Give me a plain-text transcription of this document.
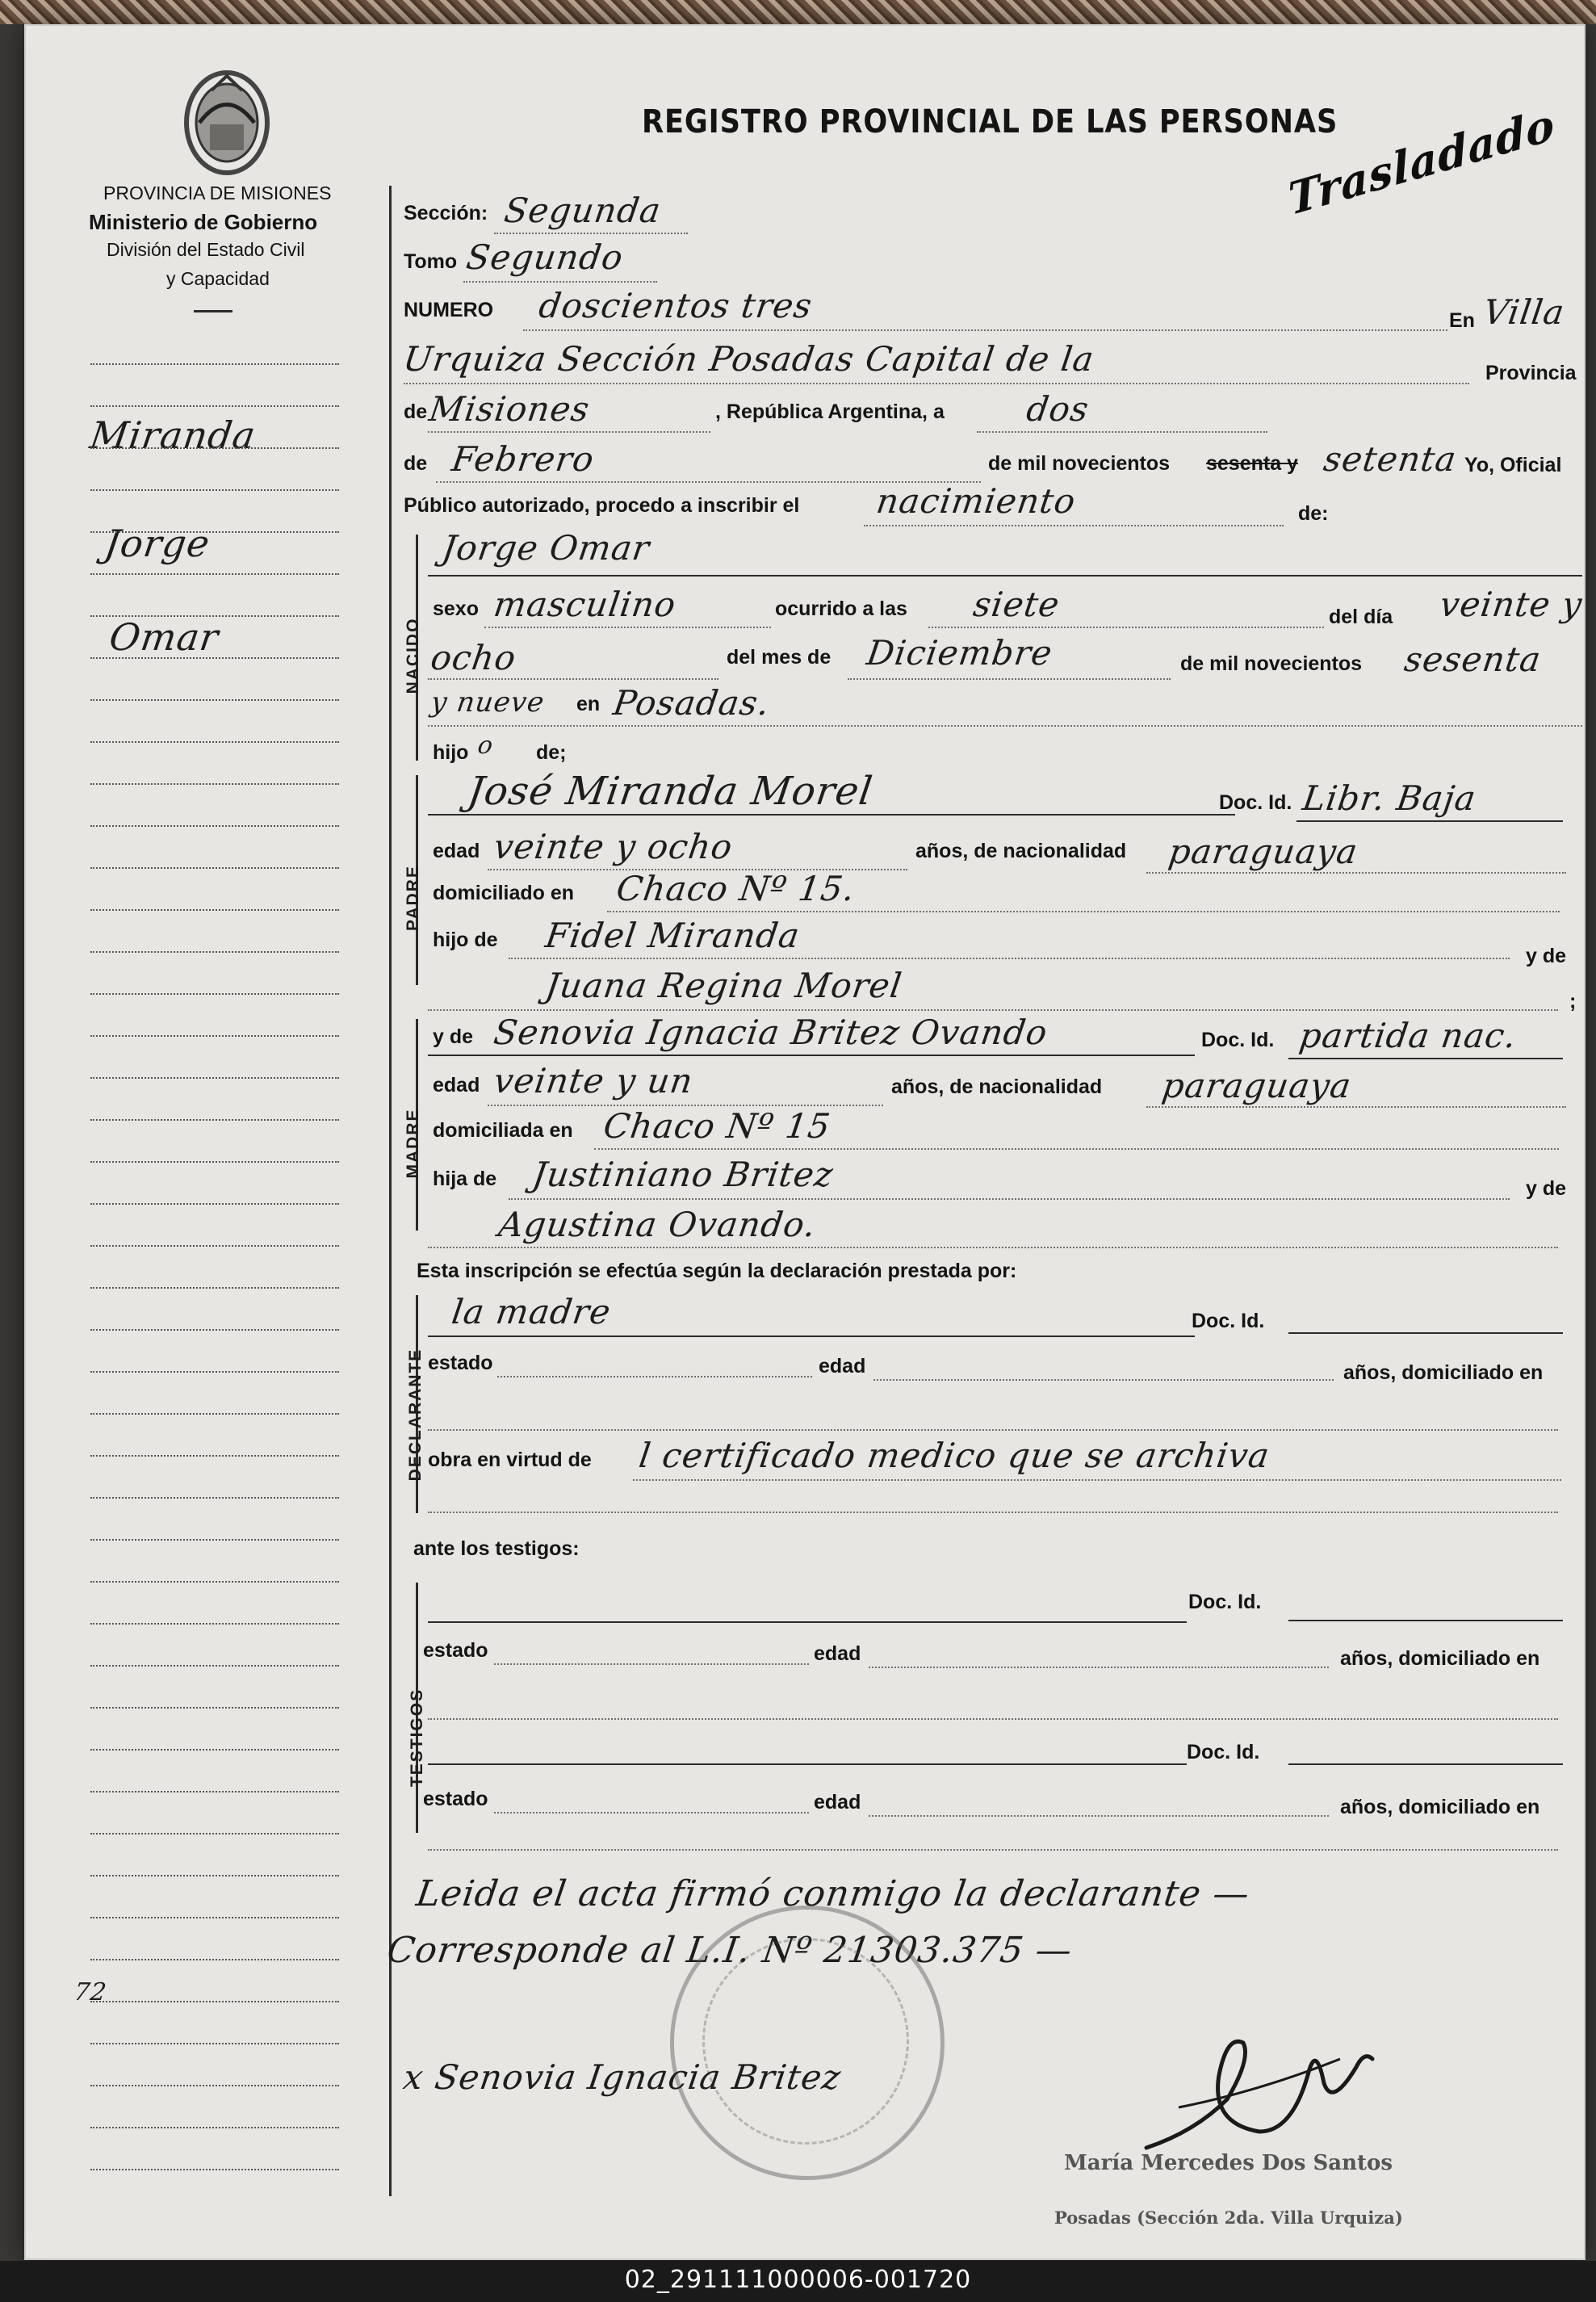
PROVINCIA DE MISIONES
Ministerio de Gobierno
División del Estado Civil
y Capacidad
Miranda
Jorge
Omar
72
REGISTRO PROVINCIAL DE LAS PERSONAS
Trasladado
Sección: Segunda
Tomo Segundo
NUMERO doscientos tres	En Villa
Urquiza Sección Posadas Capital de la	Provincia
de Misiones	, República Argentina, a dos
de Febrero	de mil novecientos sesenta y setenta Yo, Oficial
Público autorizado, procedo a inscribir el nacimiento	de:
NACIDO
Jorge Omar
sexo masculino	ocurrido a las siete	del día veinte y
ocho	del mes de Diciembre	de mil novecientos sesenta
y nueve en Posadas.
hijo o de;
PADRE
José Miranda Morel	Doc. Id. Libr. Baja
edad veinte y ocho	años, de nacionalidad paraguaya
domiciliado en Chaco Nº 15.
hijo de Fidel Miranda
y de
Juana Regina Morel	;
MADRE
y de Senovia Ignacia Britez Ovando	Doc. Id. partida nac.
edad veinte y un	años, de nacionalidad paraguaya
domiciliada en Chaco Nº 15
hija de Justiniano Britez	y de
Agustina Ovando.
Esta inscripción se efectúa según la declaración prestada por:
DECLARANTE
la madre	Doc. Id.
estado	edad	años, domiciliado en
obra en virtud de l certificado medico que se archiva
ante los testigos:
TESTIGOS
Doc. Id.
estado	edad	años, domiciliado en
Doc. Id.
estado	edad	años, domiciliado en
Leida el acta firmó conmigo la declarante —
Corresponde al L.I. Nº 21303.375 —
x Senovia Ignacia Britez
María Mercedes Dos Santos
Posadas (Sección 2da. Villa Urquiza)
02_291111000006-001720
